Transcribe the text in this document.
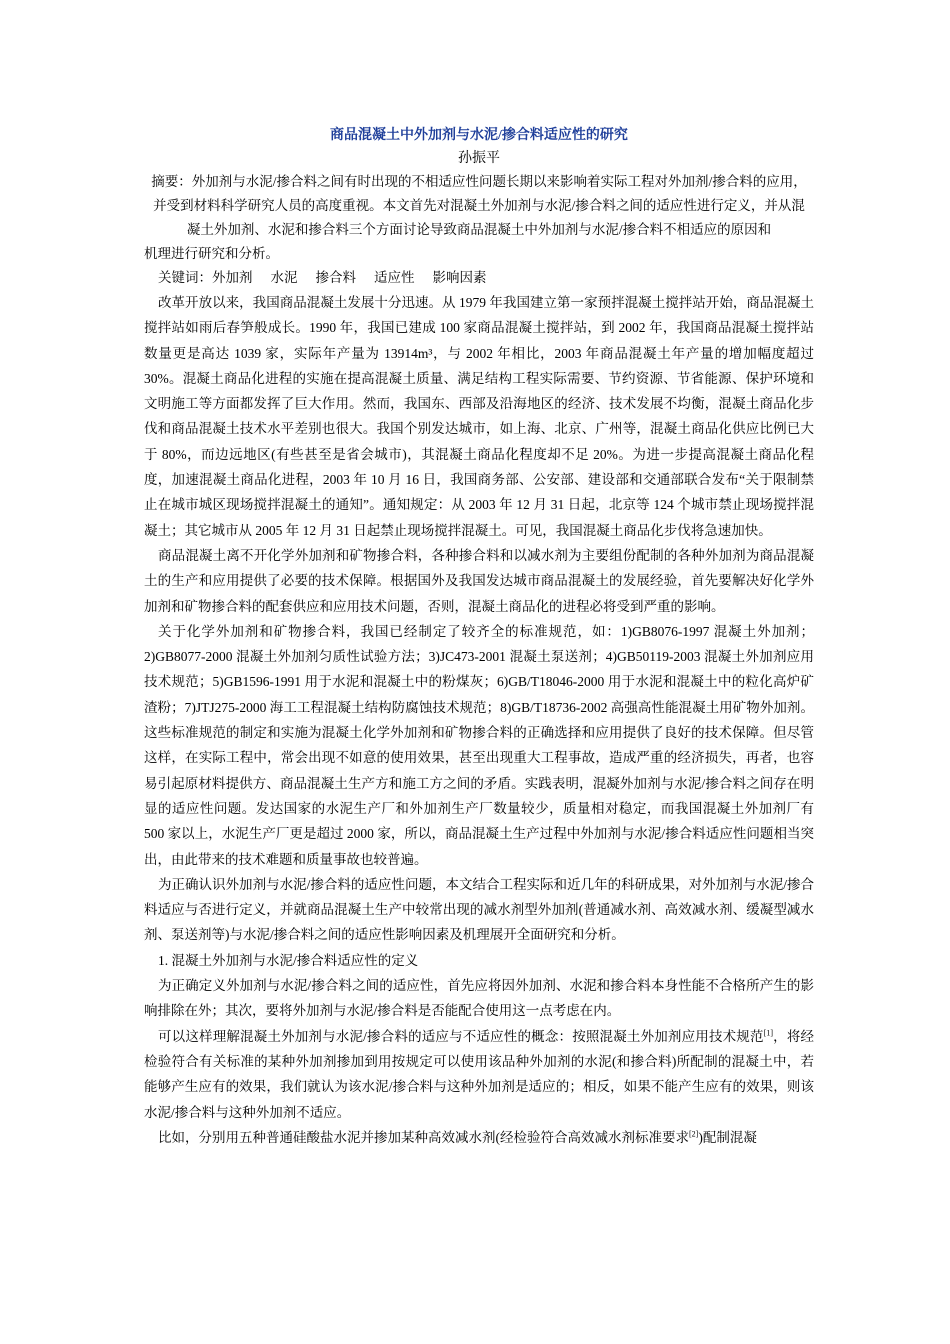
商品混凝土中外加剂与水泥/掺合料适应性的研究

孙振平

摘要：外加剂与水泥/掺合料之间有时出现的不相适应性问题长期以来影响着实际工程对外加剂/掺合料的应用，并受到材料科学研究人员的高度重视。本文首先对混凝土外加剂与水泥/掺合料之间的适应性进行定义，并从混凝土外加剂、水泥和掺合料三个方面讨论导致商品混凝土中外加剂与水泥/掺合料不相适应的原因和

机理进行研究和分析。

关键词：外加剂 水泥 掺合料 适应性 影响因素

改革开放以来，我国商品混凝土发展十分迅速。从 1979 年我国建立第一家预拌混凝土搅拌站开始，商品混凝土搅拌站如雨后春笋般成长。1990 年，我国已建成 100 家商品混凝土搅拌站，到 2002 年，我国商品混凝土搅拌站数量更是高达 1039 家，实际年产量为 13914m³，与 2002 年相比，2003 年商品混凝土年产量的增加幅度超过 30%。混凝土商品化进程的实施在提高混凝土质量、满足结构工程实际需要、节约资源、节省能源、保护环境和文明施工等方面都发挥了巨大作用。然而，我国东、西部及沿海地区的经济、技术发展不均衡，混凝土商品化步伐和商品混凝土技术水平差别也很大。我国个别发达城市，如上海、北京、广州等，混凝土商品化供应比例已大于 80%，而边远地区(有些甚至是省会城市)，其混凝土商品化程度却不足 20%。为进一步提高混凝土商品化程度，加速混凝土商品化进程，2003 年 10 月 16 日，我国商务部、公安部、建设部和交通部联合发布“关于限制禁止在城市城区现场搅拌混凝土的通知”。通知规定：从 2003 年 12 月 31 日起，北京等 124 个城市禁止现场搅拌混凝土；其它城市从 2005 年 12 月 31 日起禁止现场搅拌混凝土。可见，我国混凝土商品化步伐将急速加快。

商品混凝土离不开化学外加剂和矿物掺合料，各种掺合料和以减水剂为主要组份配制的各种外加剂为商品混凝土的生产和应用提供了必要的技术保障。根据国外及我国发达城市商品混凝土的发展经验，首先要解决好化学外加剂和矿物掺合料的配套供应和应用技术问题，否则，混凝土商品化的进程必将受到严重的影响。

关于化学外加剂和矿物掺合料，我国已经制定了较齐全的标准规范，如：1)GB8076-1997 混凝土外加剂；2)GB8077-2000 混凝土外加剂匀质性试验方法；3)JC473-2001 混凝土泵送剂；4)GB50119-2003 混凝土外加剂应用技术规范；5)GB1596-1991 用于水泥和混凝土中的粉煤灰；6)GB/T18046-2000 用于水泥和混凝土中的粒化高炉矿渣粉；7)JTJ275-2000 海工工程混凝土结构防腐蚀技术规范；8)GB/T18736-2002 高强高性能混凝土用矿物外加剂。这些标准规范的制定和实施为混凝土化学外加剂和矿物掺合料的正确选择和应用提供了良好的技术保障。但尽管这样，在实际工程中，常会出现不如意的使用效果，甚至出现重大工程事故，造成严重的经济损失，再者，也容易引起原材料提供方、商品混凝土生产方和施工方之间的矛盾。实践表明，混凝外加剂与水泥/掺合料之间存在明显的适应性问题。发达国家的水泥生产厂和外加剂生产厂数量较少，质量相对稳定，而我国混凝土外加剂厂有 500 家以上，水泥生产厂更是超过 2000 家，所以，商品混凝土生产过程中外加剂与水泥/掺合料适应性问题相当突出，由此带来的技术难题和质量事故也较普遍。

为正确认识外加剂与水泥/掺合料的适应性问题，本文结合工程实际和近几年的科研成果，对外加剂与水泥/掺合料适应与否进行定义，并就商品混凝土生产中较常出现的减水剂型外加剂(普通减水剂、高效减水剂、缓凝型减水剂、泵送剂等)与水泥/掺合料之间的适应性影响因素及机理展开全面研究和分析。

1. 混凝土外加剂与水泥/掺合料适应性的定义

为正确定义外加剂与水泥/掺合料之间的适应性，首先应将因外加剂、水泥和掺合料本身性能不合格所产生的影响排除在外；其次，要将外加剂与水泥/掺合料是否能配合使用这一点考虑在内。

可以这样理解混凝土外加剂与水泥/掺合料的适应与不适应性的概念：按照混凝土外加剂应用技术规范[1]，将经检验符合有关标准的某种外加剂掺加到用按规定可以使用该品种外加剂的水泥(和掺合料)所配制的混凝土中，若能够产生应有的效果，我们就认为该水泥/掺合料与这种外加剂是适应的；相反，如果不能产生应有的效果，则该水泥/掺合料与这种外加剂不适应。

比如，分别用五种普通硅酸盐水泥并掺加某种高效减水剂(经检验符合高效减水剂标准要求[2])配制混凝
